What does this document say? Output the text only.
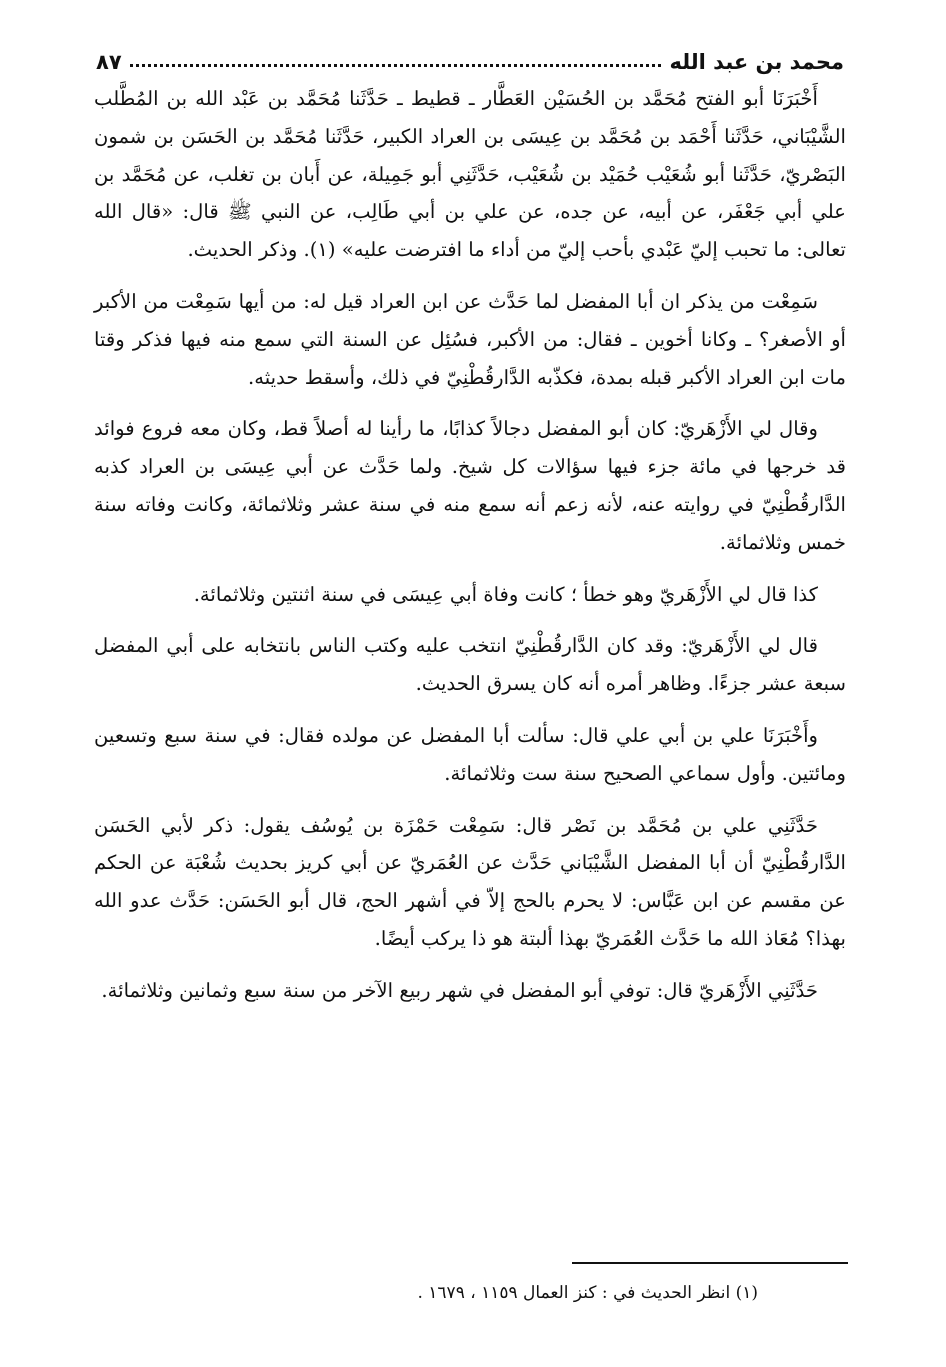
محمد بن عبد الله
٨٧

أَخْبَرَنَا أبو الفتح مُحَمَّد بن الحُسَيْن العَطَّار ـ قطيط ـ حَدَّثَنا مُحَمَّد بن عَبْد الله بن المُطَّلب الشَّيْبَاني، حَدَّثَنا أَحْمَد بن مُحَمَّد بن عِيسَى بن العراد الكبير، حَدَّثَنا مُحَمَّد بن الحَسَن بن شمون البَصْريّ، حَدَّثَنا أبو شُعَيْب حُمَيْد بن شُعَيْب، حَدَّثَنِي أبو جَمِيلة، عن أَبان بن تغلب، عن مُحَمَّد بن علي أبي جَعْفَر، عن أبيه، عن جده، عن علي بن أبي طَالِب، عن النبي ﷺ قال: «قال الله تعالى: ما تحبب إليّ عَبْدي بأحب إليّ من أداء ما افترضت عليه» (١). وذكر الحديث.

سَمِعْت من يذكر ان أبا المفضل لما حَدَّث عن ابن العراد قيل له: من أيها سَمِعْت من الأكبر أو الأصغر؟ ـ وكانا أخوين ـ فقال: من الأكبر، فسُئِل عن السنة التي سمع منه فيها فذكر وقتا مات ابن العراد الأكبر قبله بمدة، فكذّبه الدَّارقُطْنِيّ في ذلك، وأسقط حديثه.

وقال لي الأَزْهَريّ: كان أبو المفضل دجالاً كذابًا، ما رأينا له أصلاً قط، وكان معه فروع فوائد قد خرجها في مائة جزء فيها سؤالات كل شيخ. ولما حَدَّث عن أبي عِيسَى بن العراد كذبه الدَّارقُطْنِيّ في روايته عنه، لأنه زعم أنه سمع منه في سنة عشر وثلاثمائة، وكانت وفاته سنة خمس وثلاثمائة.

كذا قال لي الأَزْهَريّ وهو خطأ ؛ كانت وفاة أبي عِيسَى في سنة اثنتين وثلاثمائة.

قال لي الأَزْهَريّ: وقد كان الدَّارقُطْنِيّ انتخب عليه وكتب الناس بانتخابه على أبي المفضل سبعة عشر جزءًا. وظاهر أمره أنه كان يسرق الحديث.

وأَخْبَرَنَا علي بن أبي علي قال: سألت أبا المفضل عن مولده فقال: في سنة سبع وتسعين ومائتين. وأول سماعي الصحيح سنة ست وثلاثمائة.

حَدَّثَنِي علي بن مُحَمَّد بن نَصْر قال: سَمِعْت حَمْزَة بن يُوسُف يقول: ذكر لأبي الحَسَن الدَّارقُطْنِيّ أن أبا المفضل الشَّيْبَاني حَدَّث عن العُمَريّ عن أبي كريز بحديث شُعْبَة عن الحكم عن مقسم عن ابن عَبَّاس: لا يحرم بالحج إلاّ في أشهر الحج، قال أبو الحَسَن: حَدَّث عدو الله بهذا؟ مُعَاذ الله ما حَدَّث العُمَريّ بهذا ألبتة هو ذا يركب أيضًا.

حَدَّثَنِي الأَزْهَريّ قال: توفي أبو المفضل في شهر ربيع الآخر من سنة سبع وثمانين وثلاثمائة.

(١) انظر الحديث في : كنز العمال ١١٥٩ ، ١٦٧٩ .
